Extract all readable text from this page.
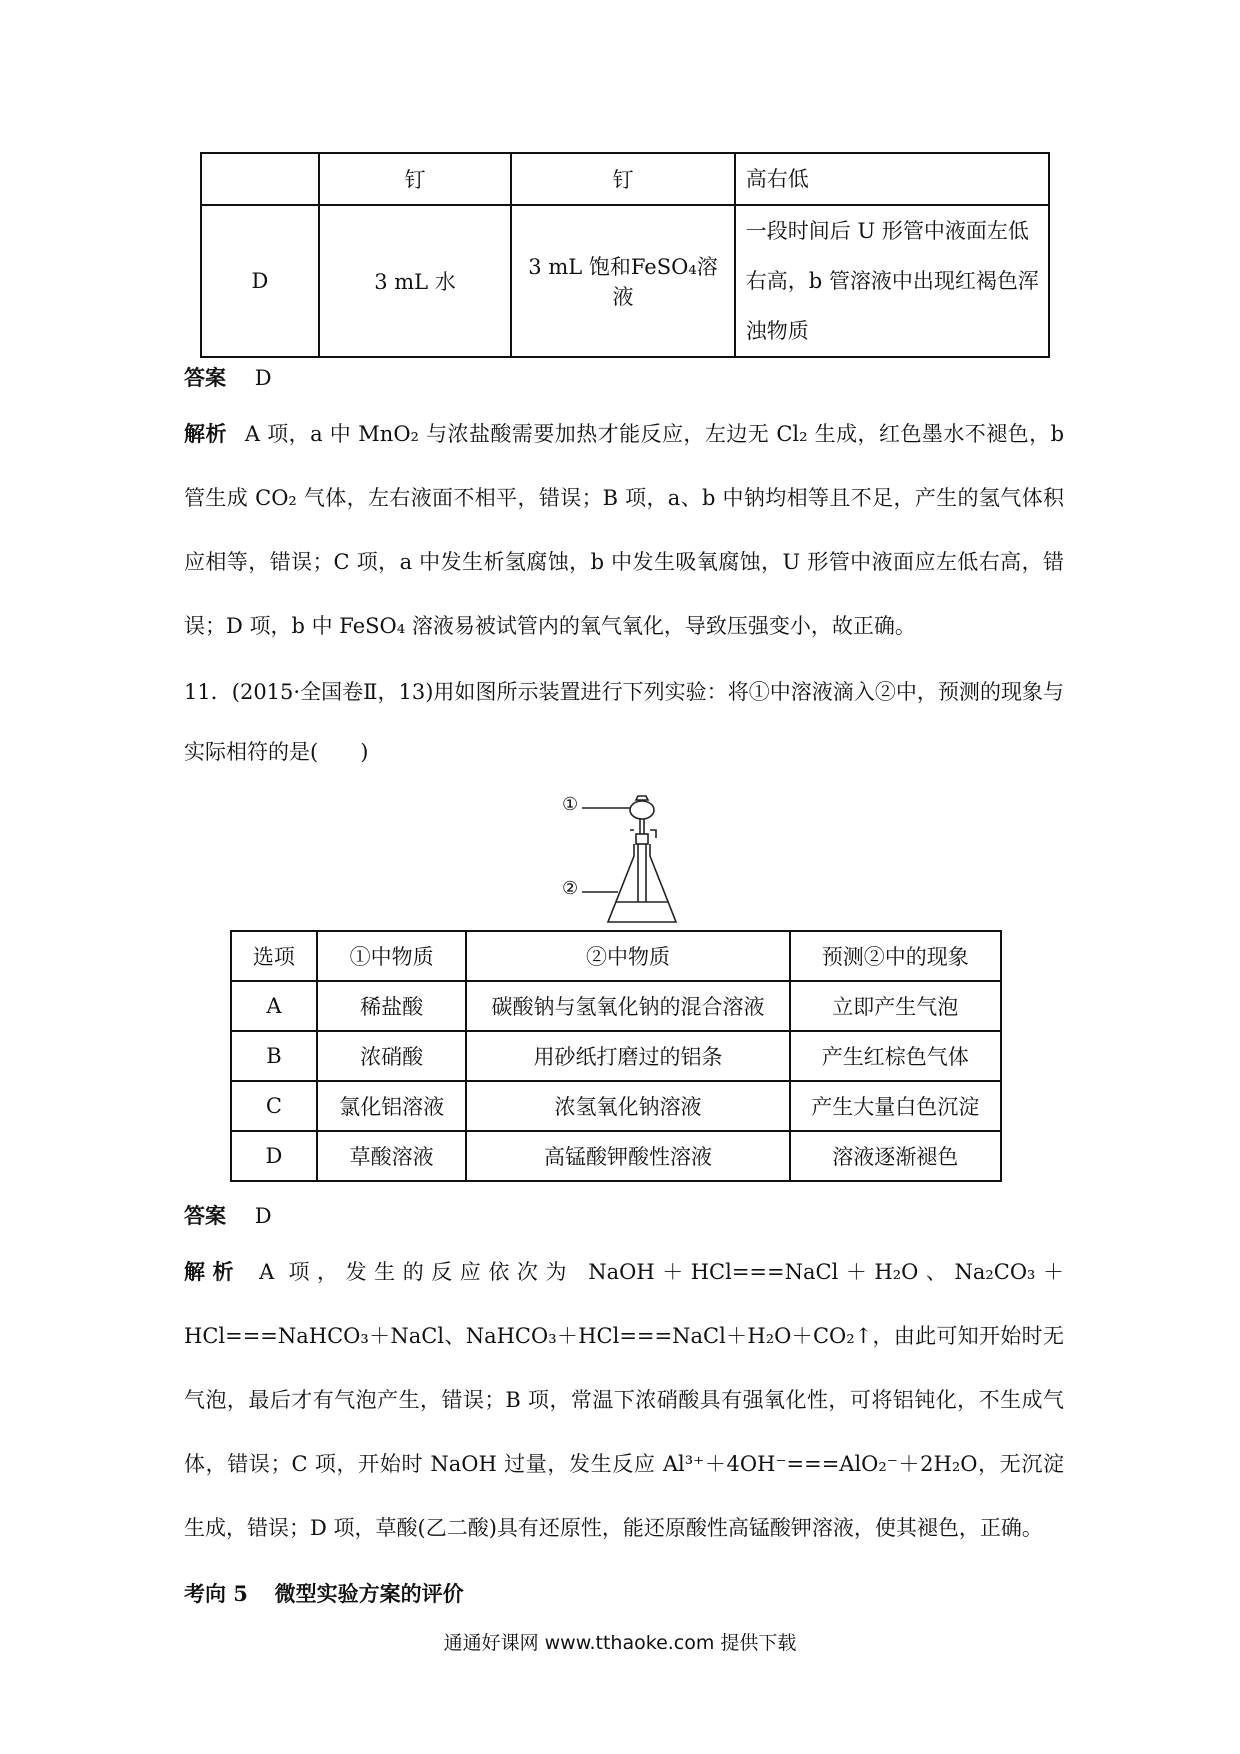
	钉	钉	高右低
D	3 mL 水	3 mL 饱和FeSO₄溶液	一段时间后 U 形管中液面左低右高，b 管溶液中出现红褐色浑浊物质
答案 D
解析 A 项，a 中 MnO₂ 与浓盐酸需要加热才能反应，左边无 Cl₂ 生成，红色墨水不褪色，b 管生成 CO₂ 气体，左右液面不相平，错误；B 项，a、b 中钠均相等且不足，产生的氢气体积应相等，错误；C 项，a 中发生析氢腐蚀，b 中发生吸氧腐蚀，U 形管中液面应左低右高，错误；D 项，b 中 FeSO₄ 溶液易被试管内的氧气氧化，导致压强变小，故正确。
11．(2015·全国卷Ⅱ，13)用如图所示装置进行下列实验：将①中溶液滴入②中，预测的现象与实际相符的是(　　)
①
②
选项	①中物质	②中物质	预测②中的现象
A	稀盐酸	碳酸钠与氢氧化钠的混合溶液	立即产生气泡
B	浓硝酸	用砂纸打磨过的铝条	产生红棕色气体
C	氯化铝溶液	浓氢氧化钠溶液	产生大量白色沉淀
D	草酸溶液	高锰酸钾酸性溶液	溶液逐渐褪色
答案 D
解析 A 项，发生的反应依次为 NaOH＋HCl===NaCl＋H₂O、Na₂CO₃＋HCl===NaHCO₃＋NaCl、NaHCO₃＋HCl===NaCl＋H₂O＋CO₂↑，由此可知开始时无气泡，最后才有气泡产生，错误；B 项，常温下浓硝酸具有强氧化性，可将铝钝化，不生成气体，错误；C 项，开始时 NaOH 过量，发生反应 Al³⁺＋4OH⁻===AlO₂⁻＋2H₂O，无沉淀生成，错误；D 项，草酸(乙二酸)具有还原性，能还原酸性高锰酸钾溶液，使其褪色，正确。
考向 5 微型实验方案的评价
通通好课网 www.tthaoke.com 提供下载
